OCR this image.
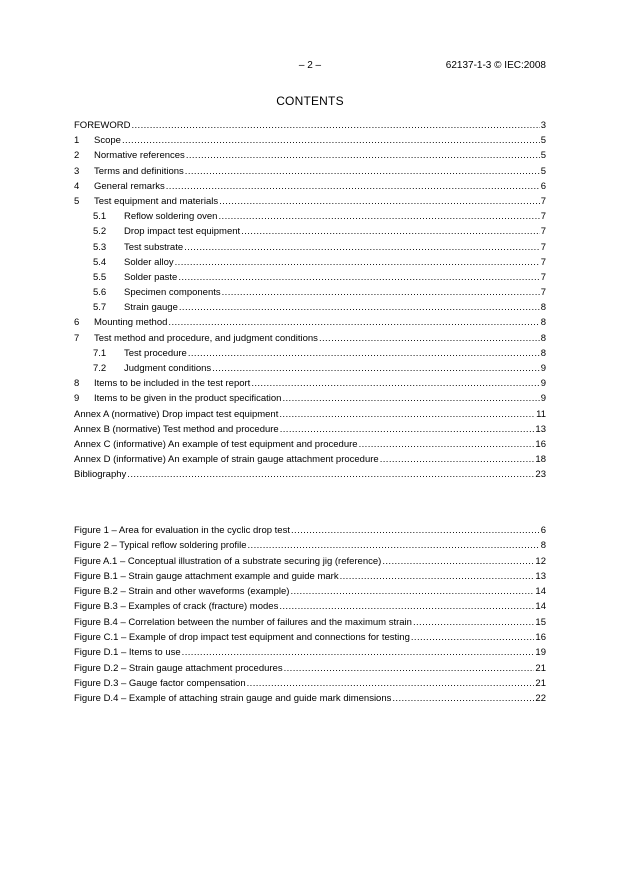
– 2 –	62137-1-3 © IEC:2008
CONTENTS
FOREWORD .....	3
1	Scope .....	5
2	Normative references .....	5
3	Terms and definitions .....	5
4	General remarks .....	6
5	Test equipment and materials .....	7
5.1	Reflow soldering oven .....	7
5.2	Drop impact test equipment .....	7
5.3	Test substrate .....	7
5.4	Solder alloy .....	7
5.5	Solder paste .....	7
5.6	Specimen components .....	7
5.7	Strain gauge .....	8
6	Mounting method .....	8
7	Test method and procedure, and judgment conditions .....	8
7.1	Test procedure .....	8
7.2	Judgment conditions .....	9
8	Items to be included in the test report .....	9
9	Items to be given in the product specification .....	9
Annex A (normative) Drop impact test equipment .....	11
Annex B (normative) Test method and procedure .....	13
Annex C (informative) An example of test equipment and procedure .....	16
Annex D (informative) An example of strain gauge attachment procedure .....	18
Bibliography .....	23
Figure 1 – Area for evaluation in the cyclic drop test .....	6
Figure 2 – Typical reflow soldering profile .....	8
Figure A.1 – Conceptual illustration of a substrate securing jig (reference) .....	12
Figure B.1 – Strain gauge attachment example and guide mark .....	13
Figure B.2 – Strain and other waveforms (example) .....	14
Figure B.3 – Examples of crack (fracture) modes .....	14
Figure B.4 – Correlation between the number of failures and the maximum strain .....	15
Figure C.1 – Example of drop impact test equipment and connections for testing .....	16
Figure D.1 – Items to use .....	19
Figure D.2 – Strain gauge attachment procedures .....	21
Figure D.3 – Gauge factor compensation .....	21
Figure D.4 – Example of attaching strain gauge and guide mark dimensions .....	22
